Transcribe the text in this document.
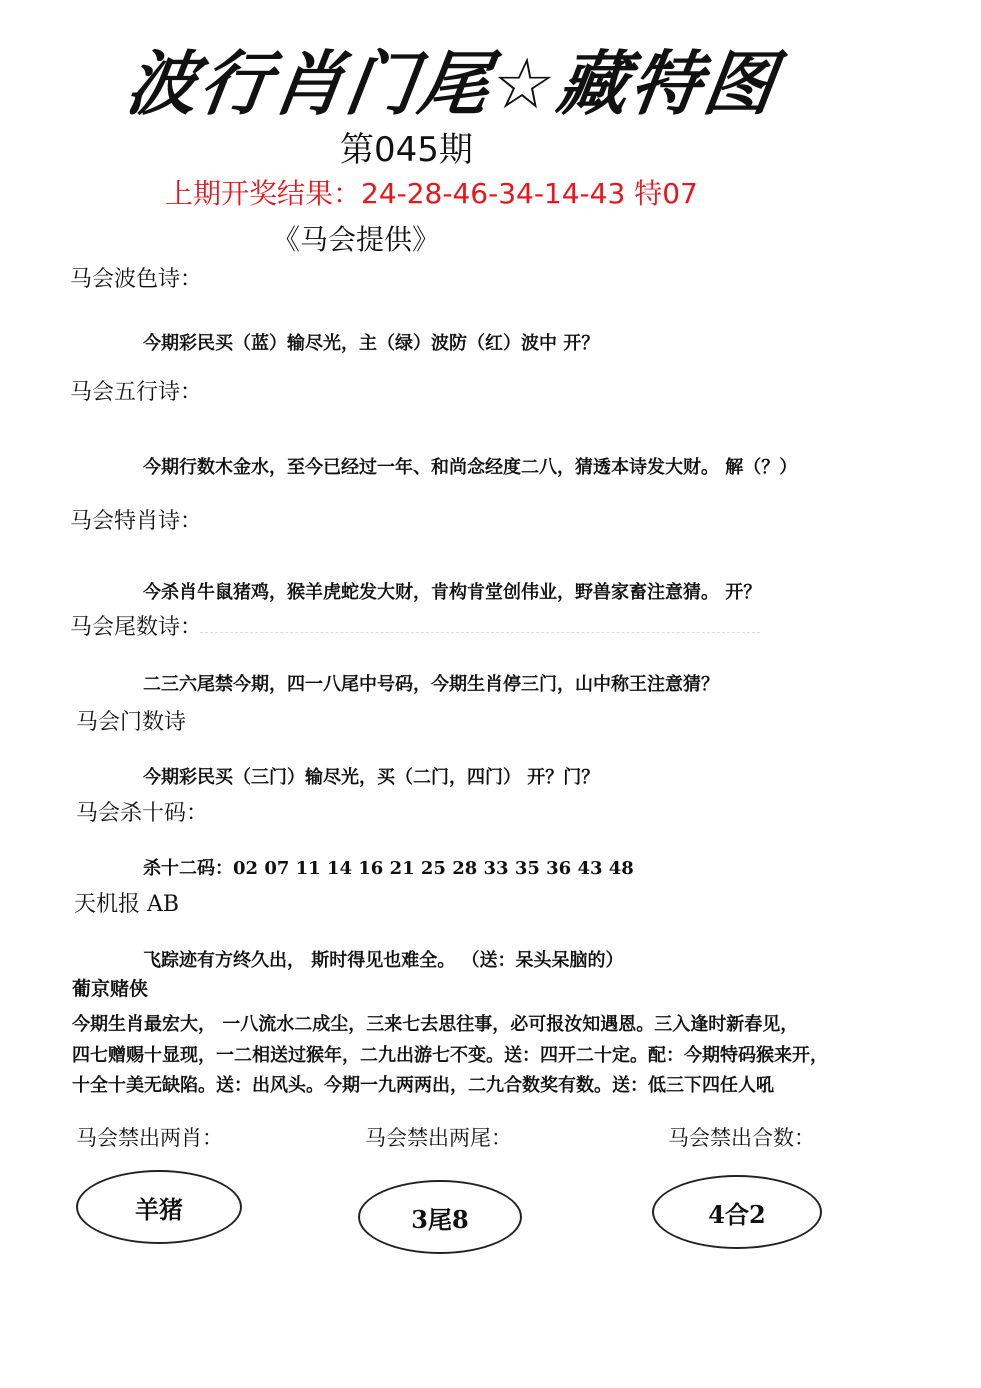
波行肖门尾☆藏特图
第045期
上期开奖结果：24-28-46-34-14-43 特07
《马会提供》
马会波色诗：
今期彩民买（蓝）输尽光，主（绿）波防（红）波中 开？
马会五行诗：
今期行数木金水，至今已经过一年、和尚念经度二八，猜透本诗发大财。 解（？）
马会特肖诗：
今杀肖牛鼠猪鸡，猴羊虎蛇发大财，肯构肯堂创伟业，野兽家畜注意猜。 开？
马会尾数诗：
二三六尾禁今期，四一八尾中号码，今期生肖停三门，山中称王注意猜？
马会门数诗
今期彩民买（三门）输尽光，买（二门，四门） 开？门？
马会杀十码：
杀十二码：02 07 11 14 16 21 25 28 33 35 36 43 48
天机报 AB
飞踪迹有方终久出， 斯时得见也难全。 （送：呆头呆脑的）
葡京赌侠
今期生肖最宏大， 一八流水二成尘，三来七去思往事，必可报汝知遇恩。三入逢时新春见，
四七赠赐十显现，一二相送过猴年，二九出游七不变。送：四开二十定。配：今期特码猴来开，
十全十美无缺陷。送：出风头。今期一九两两出，二九合数奖有数。送：低三下四任人吼
马会禁出两肖：	马会禁出两尾：	马会禁出合数：
羊猪	3尾8	4合2
